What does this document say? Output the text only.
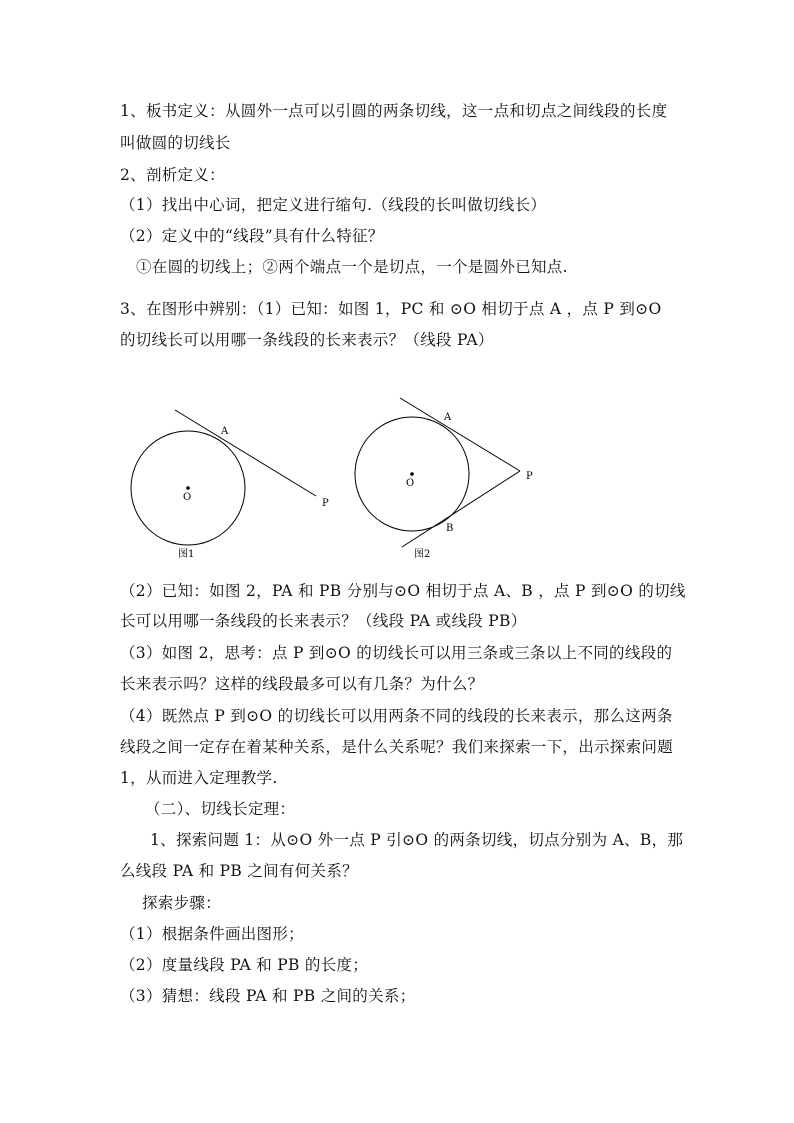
1、板书定义：从圆外一点可以引圆的两条切线，这一点和切点之间线段的长度
叫做圆的切线长
2、剖析定义：
（1）找出中心词，把定义进行缩句.（线段的长叫做切线长）
（2）定义中的“线段”具有什么特征？
①在圆的切线上；②两个端点一个是切点，一个是圆外已知点.
3、在图形中辨别：（1）已知：如图 1，PC 和 ⊙O 相切于点 A ，点 P 到⊙O
的切线长可以用哪一条线段的长来表示？（线段 PA）
O
A
P
图1
O
A
B
P
图2
（2）已知：如图 2，PA 和 PB 分别与⊙O 相切于点 A、B ，点 P 到⊙O 的切线
长可以用哪一条线段的长来表示？（线段 PA 或线段 PB）
（3）如图 2，思考：点 P 到⊙O 的切线长可以用三条或三条以上不同的线段的
长来表示吗？这样的线段最多可以有几条？为什么？
（4）既然点 P 到⊙O 的切线长可以用两条不同的线段的长来表示，那么这两条
线段之间一定存在着某种关系，是什么关系呢？我们来探索一下，出示探索问题
1，从而进入定理教学.
（二）、切线长定理：
1、探索问题 1：从⊙O 外一点 P 引⊙O 的两条切线，切点分别为 A、B，那
么线段 PA 和 PB 之间有何关系？
探索步骤：
（1）根据条件画出图形；
（2）度量线段 PA 和 PB 的长度；
（3）猜想：线段 PA 和 PB 之间的关系；
